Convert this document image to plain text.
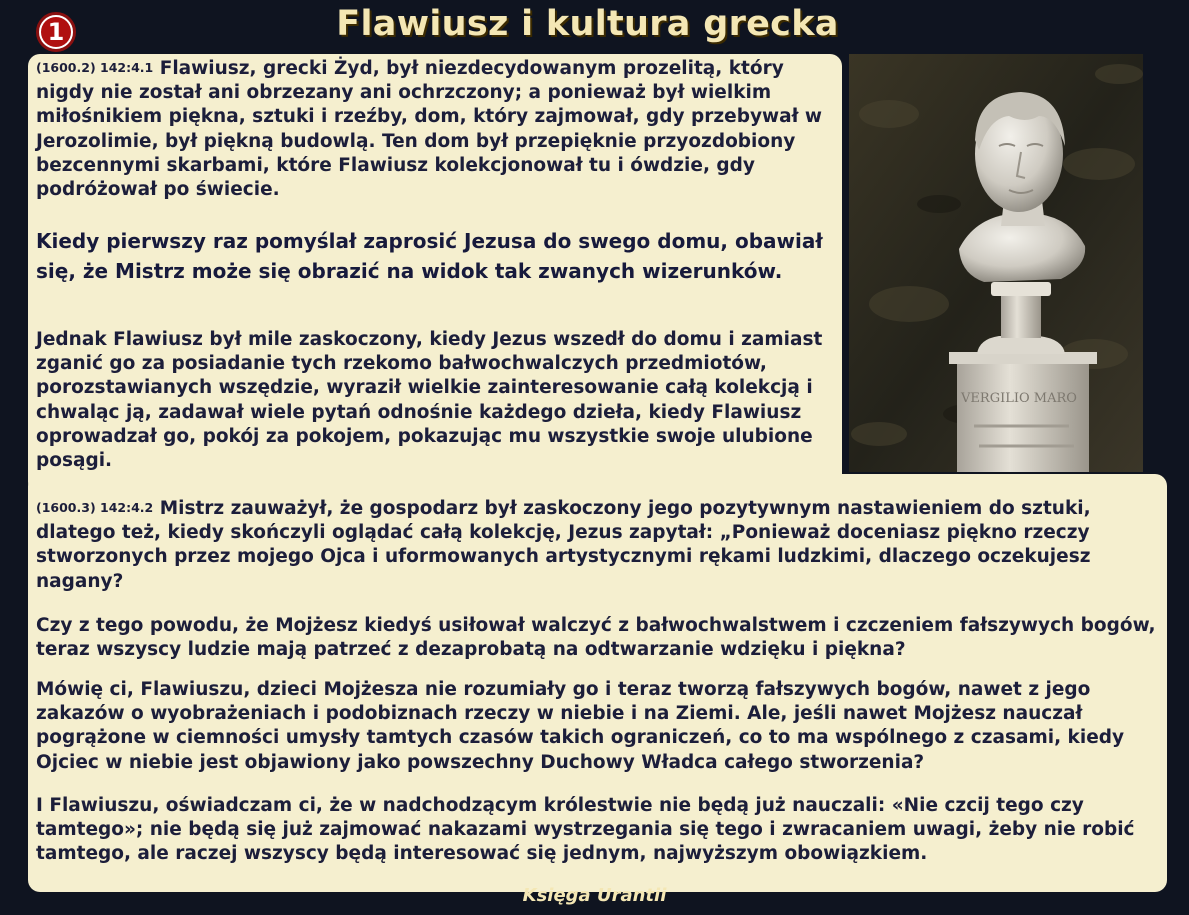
1	Flawiusz i kultura grecka
(1600.2) 142:4.1 Flawiusz, grecki Żyd, był niezdecydowanym prozelitą, który nigdy nie został ani obrzezany ani ochrzczony; a ponieważ był wielkim miłośnikiem piękna, sztuki i rzeźby, dom, który zajmował, gdy przebywał w Jerozolimie, był piękną budowlą. Ten dom był przepięknie przyozdobiony bezcennymi skarbami, które Flawiusz kolekcjonował tu i ówdzie, gdy podróżował po świecie.
Kiedy pierwszy raz pomyślał zaprosić Jezusa do swego domu, obawiał się, że Mistrz może się obrazić na widok tak zwanych wizerunków.
Jednak Flawiusz był mile zaskoczony, kiedy Jezus wszedł do domu i zamiast zganić go za posiadanie tych rzekomo bałwochwalczych przedmiotów, porozstawianych wszędzie, wyraził wielkie zainteresowanie całą kolekcją i chwaląc ją, zadawał wiele pytań odnośnie każdego dzieła, kiedy Flawiusz oprowadzał go, pokój za pokojem, pokazując mu wszystkie swoje ulubione posągi.
(1600.3) 142:4.2 Mistrz zauważył, że gospodarz był zaskoczony jego pozytywnym nastawieniem do sztuki, dlatego też, kiedy skończyli oglądać całą kolekcję, Jezus zapytał: „Ponieważ doceniasz piękno rzeczy stworzonych przez mojego Ojca i uformowanych artystycznymi rękami ludzkimi, dlaczego oczekujesz nagany?
Czy z tego powodu, że Mojżesz kiedyś usiłował walczyć z bałwochwalstwem i czczeniem fałszywych bogów, teraz wszyscy ludzie mają patrzeć z dezaprobatą na odtwarzanie wdzięku i piękna?
Mówię ci, Flawiuszu, dzieci Mojżesza nie rozumiały go i teraz tworzą fałszywych bogów, nawet z jego zakazów o wyobrażeniach i podobiznach rzeczy w niebie i na Ziemi. Ale, jeśli nawet Mojżesz nauczał pogrążone w ciemności umysły tamtych czasów takich ograniczeń, co to ma wspólnego z czasami, kiedy Ojciec w niebie jest objawiony jako powszechny Duchowy Władca całego stworzenia?
I Flawiuszu, oświadczam ci, że w nadchodzącym królestwie nie będą już nauczali: «Nie czcij tego czy tamtego»; nie będą się już zajmować nakazami wystrzegania się tego i zwracaniem uwagi, żeby nie robić tamtego, ale raczej wszyscy będą interesować się jednym, najwyższym obowiązkiem.
VERGILIO MARO
Księga Urantii
